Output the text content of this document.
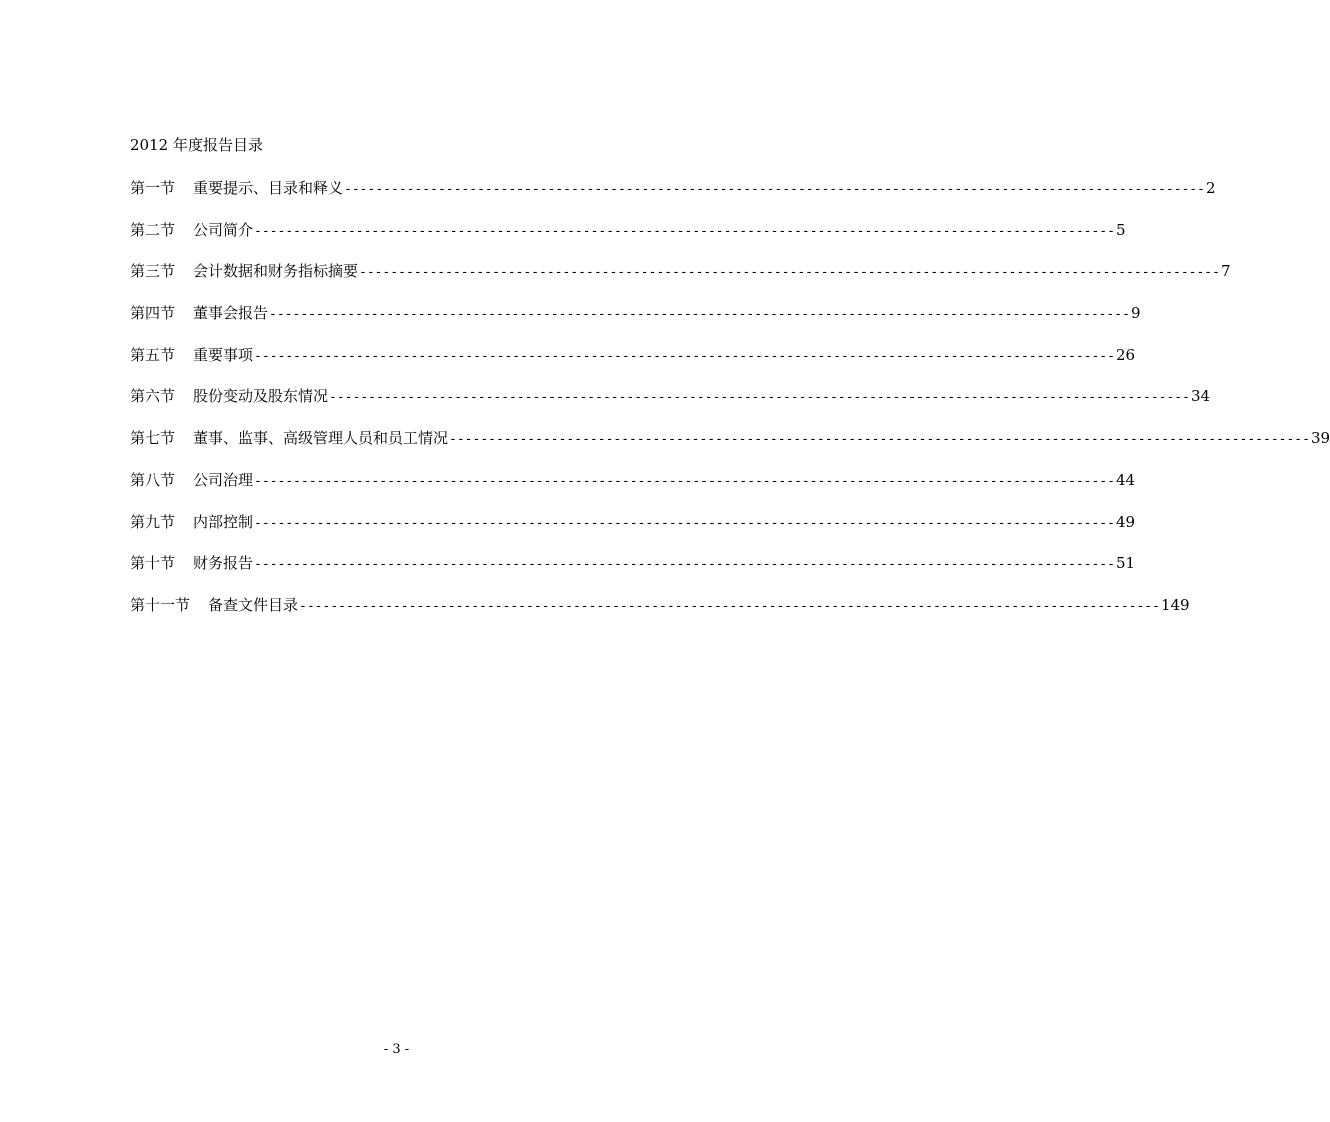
2012 年度报告目录
第一节 重要提示、目录和释义 -------------------------------------------------------------------------------------------------------------- 2
第二节 公司简介 -------------------------------------------------------------------------------------------------------------- 5
第三节 会计数据和财务指标摘要 -------------------------------------------------------------------------------------------------------------- 7
第四节 董事会报告 -------------------------------------------------------------------------------------------------------------- 9
第五节 重要事项 -------------------------------------------------------------------------------------------------------------- 26
第六节 股份变动及股东情况 -------------------------------------------------------------------------------------------------------------- 34
第七节 董事、监事、高级管理人员和员工情况 -------------------------------------------------------------------------------------------------------------- 39
第八节 公司治理 -------------------------------------------------------------------------------------------------------------- 44
第九节 内部控制 -------------------------------------------------------------------------------------------------------------- 49
第十节 财务报告 -------------------------------------------------------------------------------------------------------------- 51
第十一节 备查文件目录 -------------------------------------------------------------------------------------------------------------- 149
- 3 -
